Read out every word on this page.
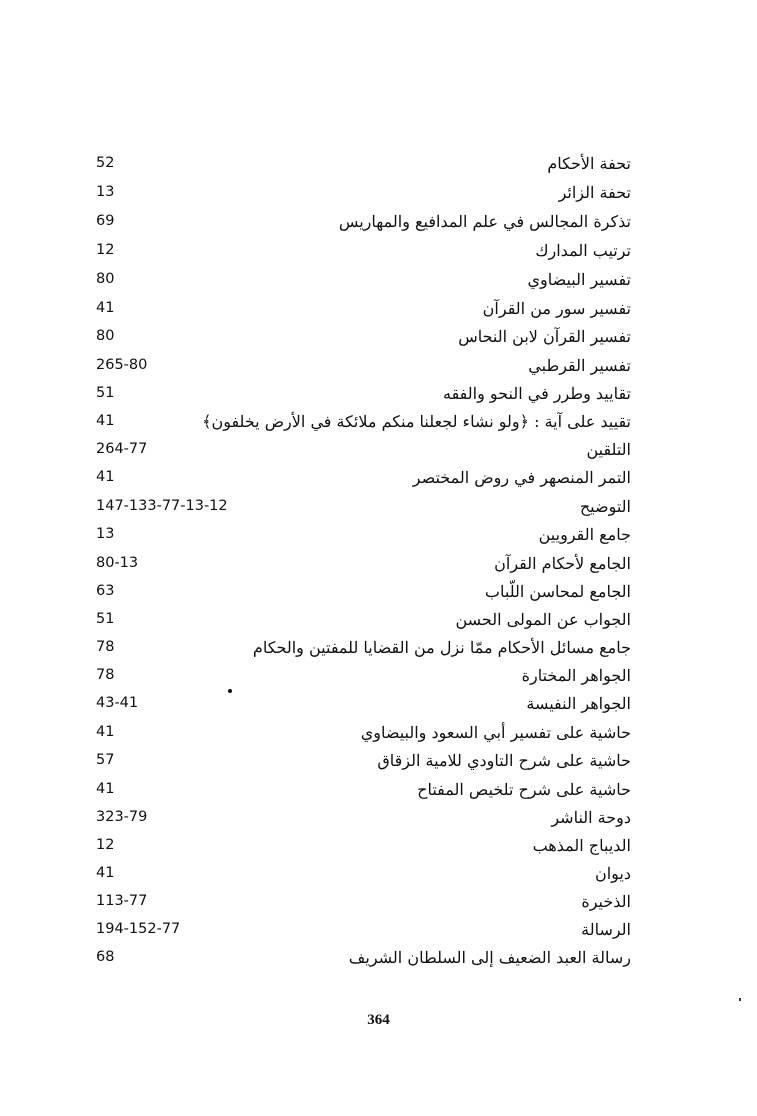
تحفة الأحكام
52
تحفة الزائر
13
تذكرة المجالس في علم المدافيع والمهاريس
69
ترتيب المدارك
12
تفسير البيضاوي
80
تفسير سور من القرآن
41
تفسير القرآن لابن النحاس
80
تفسير القرطبي
265-80
تقاييد وطرر في النحو والفقه
51
تقييد على آية : ﴿ولو نشاء لجعلنا منكم ملائكة في الأرض يخلفون﴾
41
التلقين
264-77
التمر المنصهر في روض المختصر
41
التوضيح
147-133-77-13-12
جامع القرويين
13
الجامع لأحكام القرآن
80-13
الجامع لمحاسن اللّباب
63
الجواب عن المولى الحسن
51
جامع مسائل الأحكام ممّا نزل من القضايا للمفتين والحكام
78
الجواهر المختارة
78
الجواهر النفيسة
43-41
حاشية على تفسير أبي السعود والبيضاوي
41
حاشية على شرح التاودي للامية الزقاق
57
حاشية على شرح تلخيص المفتاح
41
دوحة الناشر
323-79
الديباج المذهب
12
ديوان
41
الذخيرة
113-77
الرسالة
194-152-77
رسالة العبد الضعيف إلى السلطان الشريف
68
364
